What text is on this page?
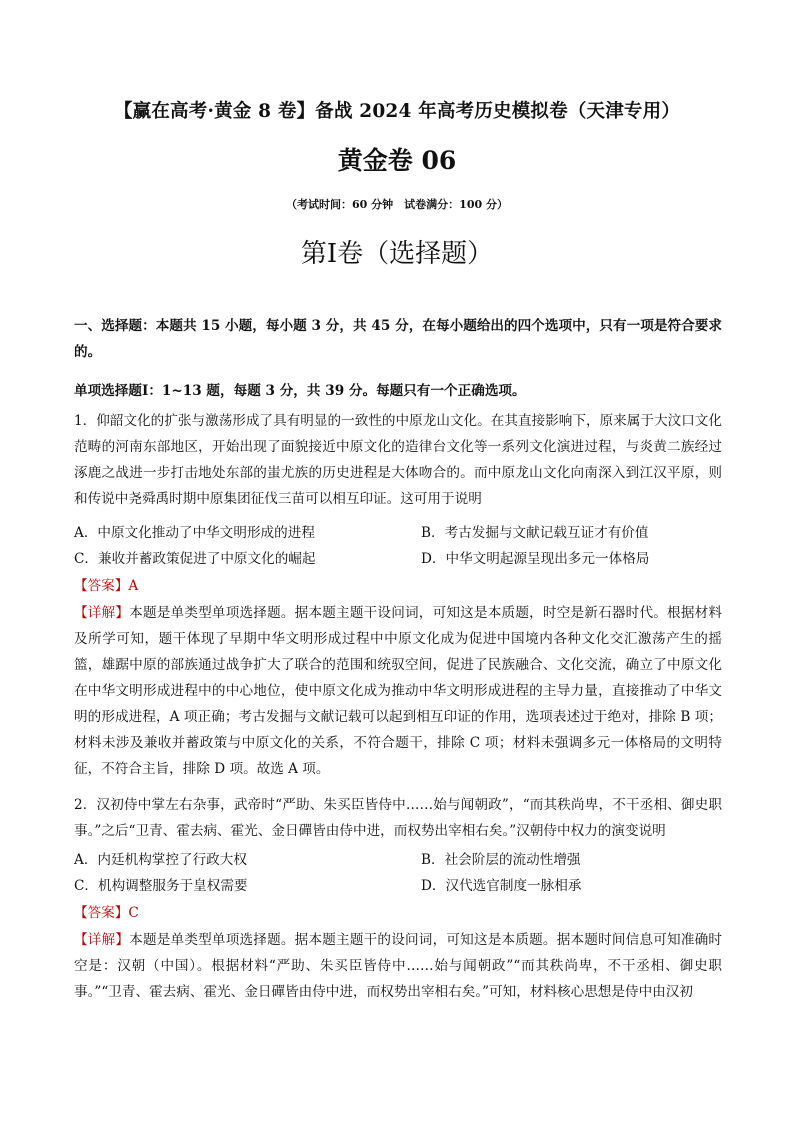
【赢在高考·黄金 8 卷】备战 2024 年高考历史模拟卷（天津专用）
黄金卷 06
（考试时间：60 分钟　试卷满分：100 分）
第Ⅰ卷（选择题）
一、选择题：本题共 15 小题，每小题 3 分，共 45 分，在每小题给出的四个选项中，只有一项是符合要求的。
单项选择题Ⅰ：1~13 题，每题 3 分，共 39 分。每题只有一个正确选项。
1．仰韶文化的扩张与激荡形成了具有明显的一致性的中原龙山文化。在其直接影响下，原来属于大汶口文化范畴的河南东部地区，开始出现了面貌接近中原文化的造律台文化等一系列文化演进过程，与炎黄二族经过涿鹿之战进一步打击地处东部的蚩尤族的历史进程是大体吻合的。而中原龙山文化向南深入到江汉平原，则和传说中尧舜禹时期中原集团征伐三苗可以相互印证。这可用于说明
A．中原文化推动了中华文明形成的进程	B．考古发掘与文献记载互证才有价值
C．兼收并蓄政策促进了中原文化的崛起	D．中华文明起源呈现出多元一体格局
【答案】A
【详解】本题是单类型单项选择题。据本题主题干设问词，可知这是本质题，时空是新石器时代。根据材料及所学可知，题干体现了早期中华文明形成过程中中原文化成为促进中国境内各种文化交汇激荡产生的摇篮，雄踞中原的部族通过战争扩大了联合的范围和统驭空间，促进了民族融合、文化交流，确立了中原文化在中华文明形成进程中的中心地位，使中原文化成为推动中华文明形成进程的主导力量，直接推动了中华文明的形成进程，A 项正确；考古发掘与文献记载可以起到相互印证的作用，选项表述过于绝对，排除 B 项；材料未涉及兼收并蓄政策与中原文化的关系，不符合题干，排除 C 项；材料未强调多元一体格局的文明特征，不符合主旨，排除 D 项。故选 A 项。
2．汉初侍中掌左右杂事，武帝时“严助、朱买臣皆侍中……始与闻朝政”，“而其秩尚卑，不干丞相、御史职事。”之后“卫青、霍去病、霍光、金日磾皆由侍中进，而权势出宰相右矣。”汉朝侍中权力的演变说明
A．内廷机构掌控了行政大权	B．社会阶层的流动性增强
C．机构调整服务于皇权需要	D．汉代选官制度一脉相承
【答案】C
【详解】本题是单类型单项选择题。据本题主题干的设问词，可知这是本质题。据本题时间信息可知准确时空是：汉朝（中国）。根据材料“严助、朱买臣皆侍中……始与闻朝政”“而其秩尚卑，不干丞相、御史职事。”“卫青、霍去病、霍光、金日磾皆由侍中进，而权势出宰相右矣。”可知，材料核心思想是侍中由汉初
